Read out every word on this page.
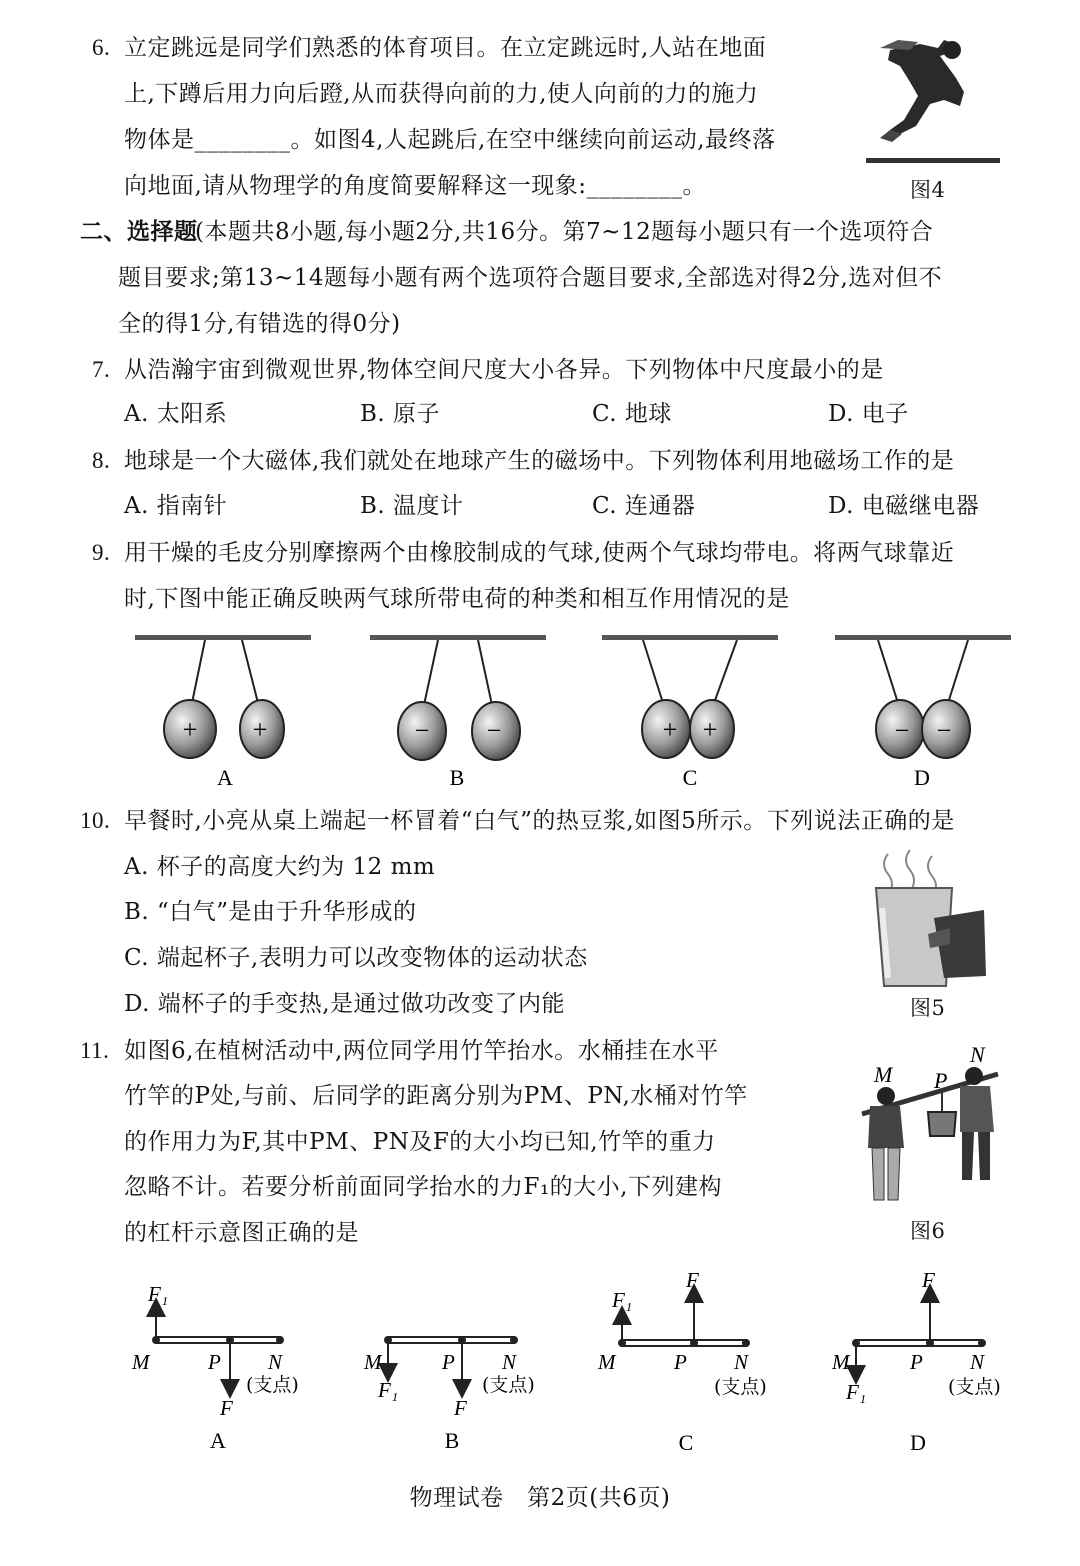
6. 立定跳远是同学们熟悉的体育项目。在立定跳远时,人站在地面
上,下蹲后用力向后蹬,从而获得向前的力,使人向前的力的施力
物体是________。如图4,人起跳后,在空中继续向前运动,最终落
向地面,请从物理学的角度简要解释这一现象:________。	图4
二、选择题
(本题共8小题,每小题2分,共16分。第7~12题每小题只有一个选项符合
题目要求;第13~14题每小题有两个选项符合题目要求,全部选对得2分,选对但不
全的得1分,有错选的得0分)
7. 从浩瀚宇宙到微观世界,物体空间尺度大小各异。下列物体中尺度最小的是
A. 太阳系	B. 原子	C. 地球	D. 电子
8. 地球是一个大磁体,我们就处在地球产生的磁场中。下列物体利用地磁场工作的是
A. 指南针	B. 温度计	C. 连通器	D. 电磁继电器
9. 用干燥的毛皮分别摩擦两个由橡胶制成的气球,使两个气球均带电。将两气球靠近
时,下图中能正确反映两气球所带电荷的种类和相互作用情况的是
+ +
A
− −
B
+ +
C
− −
D
10. 早餐时,小亮从桌上端起一杯冒着“白气”的热豆浆,如图5所示。下列说法正确的是
A. 杯子的高度大约为 12 mm
B. “白气”是由于升华形成的
C. 端起杯子,表明力可以改变物体的运动状态
D. 端杯子的手变热,是通过做功改变了内能	图5
11. 如图6,在植树活动中,两位同学用竹竿抬水。水桶挂在水平
竹竿的P处,与前、后同学的距离分别为PM、PN,水桶对竹竿
的作用力为F,其中PM、PN及F的大小均已知,竹竿的重力
忽略不计。若要分析前面同学抬水的力F₁的大小,下列建构
的杠杆示意图正确的是
M P
N
图6
F₁
M	P N
(支点)
F
A
M
F₁
P N
(支点)
F
B
F₁
F
M	P N
(支点)
C
F
M
F₁
P N
(支点)
D
物理试卷   第2页(共6页)
